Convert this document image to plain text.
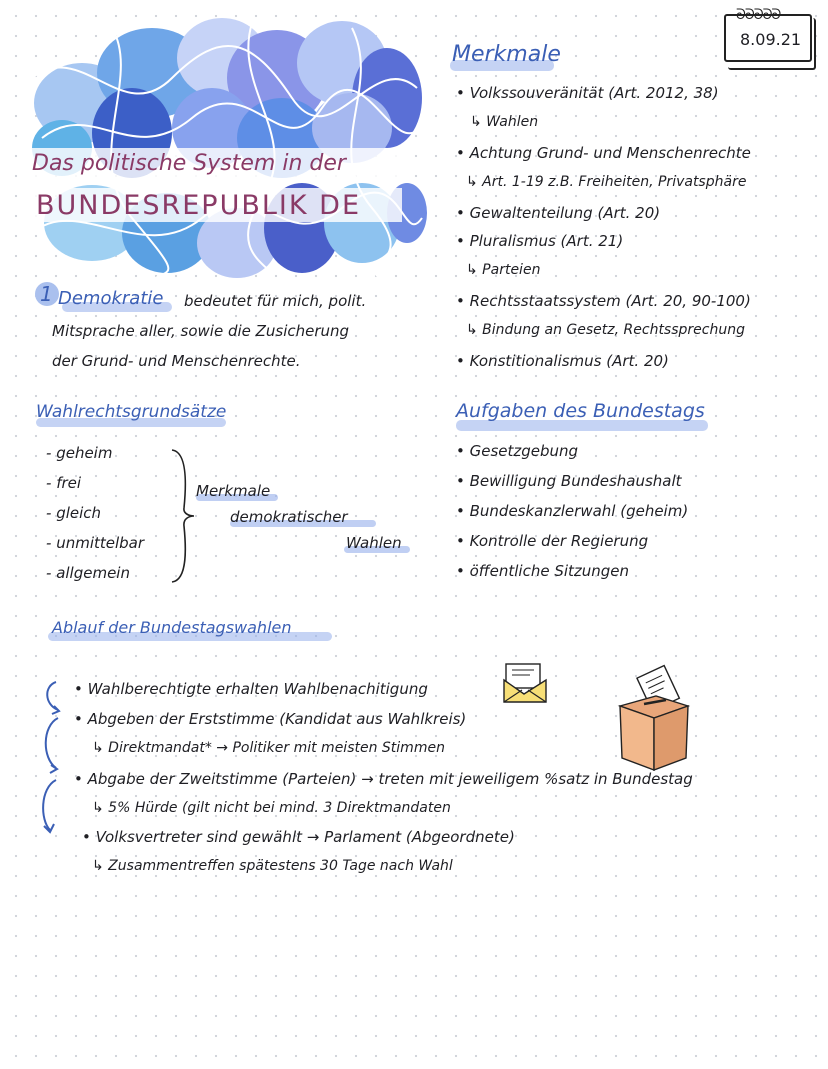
Das politische System in der
BUNDESREPUBLIK DE
ᘐᘐᘐᘐᘐ
8.09.21
1 Demokratie bedeutet für mich, polit.
Mitsprache aller, sowie die Zusicherung
der Grund- und Menschenrechte.
Wahlrechtsgrundsätze
- geheim
- frei
- gleich
- unmittelbar
- allgemein
Merkmale
demokratischer
Wahlen
Merkmale
• Volkssouveränität (Art. 2012, 38)
↳ Wahlen
• Achtung Grund- und Menschenrechte
↳ Art. 1-19 z.B. Freiheiten, Privatsphäre
• Gewaltenteilung (Art. 20)
• Pluralismus (Art. 21)
↳ Parteien
• Rechtsstaatssystem (Art. 20, 90-100)
↳ Bindung an Gesetz, Rechtssprechung
• Konstitionalismus (Art. 20)
Aufgaben des Bundestags
• Gesetzgebung
• Bewilligung Bundeshaushalt
• Bundeskanzlerwahl (geheim)
• Kontrolle der Regierung
• öffentliche Sitzungen
Ablauf der Bundestagswahlen
• Wahlberechtigte erhalten Wahlbenachitigung
• Abgeben der Erststimme (Kandidat aus Wahlkreis)
↳ Direktmandat* → Politiker mit meisten Stimmen
• Abgabe der Zweitstimme (Parteien) → treten mit jeweiligem %satz in Bundestag
↳ 5% Hürde (gilt nicht bei mind. 3 Direktmandaten
• Volksvertreter sind gewählt → Parlament (Abgeordnete)
↳ Zusammentreffen spätestens 30 Tage nach Wahl
